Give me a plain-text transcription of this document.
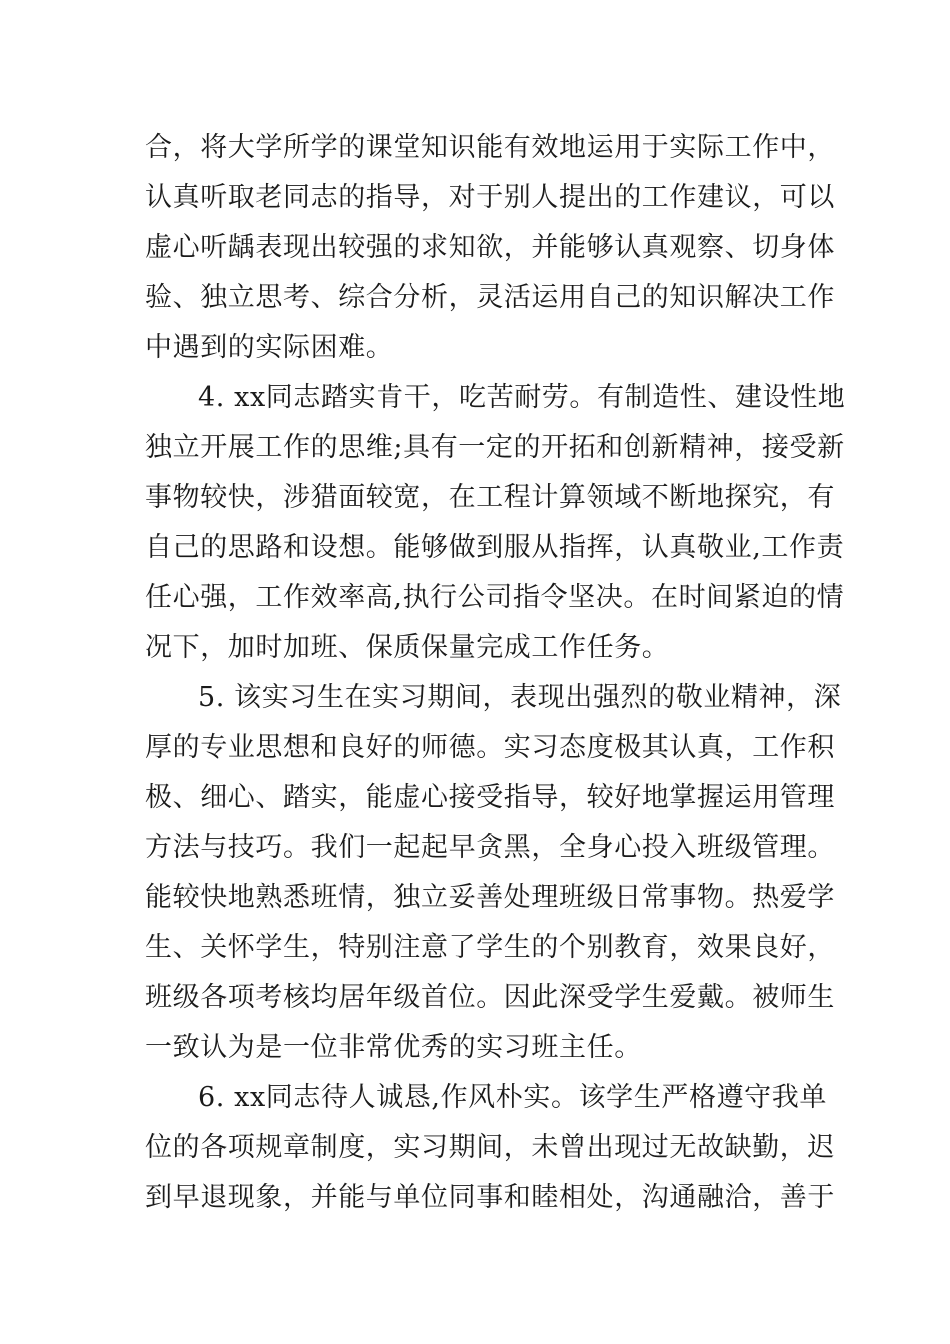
合，将大学所学的课堂知识能有效地运用于实际工作中，

认真听取老同志的指导，对于别人提出的工作建议，可以

虚心听龋表现出较强的求知欲，并能够认真观察、切身体

验、独立思考、综合分析，灵活运用自己的知识解决工作

中遇到的实际困难。

4. xx同志踏实肯干，吃苦耐劳。有制造性、建设性地

独立开展工作的思维;具有一定的开拓和创新精神，接受新

事物较快，涉猎面较宽，在工程计算领域不断地探究，有

自己的思路和设想。能够做到服从指挥，认真敬业,工作责

任心强，工作效率高,执行公司指令坚决。在时间紧迫的情

况下，加时加班、保质保量完成工作任务。

5. 该实习生在实习期间，表现出强烈的敬业精神，深

厚的专业思想和良好的师德。实习态度极其认真，工作积

极、细心、踏实，能虚心接受指导，较好地掌握运用管理

方法与技巧。我们一起起早贪黑，全身心投入班级管理。

能较快地熟悉班情，独立妥善处理班级日常事物。热爱学

生、关怀学生，特别注意了学生的个别教育，效果良好，

班级各项考核均居年级首位。因此深受学生爱戴。被师生

一致认为是一位非常优秀的实习班主任。

6. xx同志待人诚恳,作风朴实。该学生严格遵守我单

位的各项规章制度，实习期间，未曾出现过无故缺勤，迟

到早退现象，并能与单位同事和睦相处，沟通融洽，善于
